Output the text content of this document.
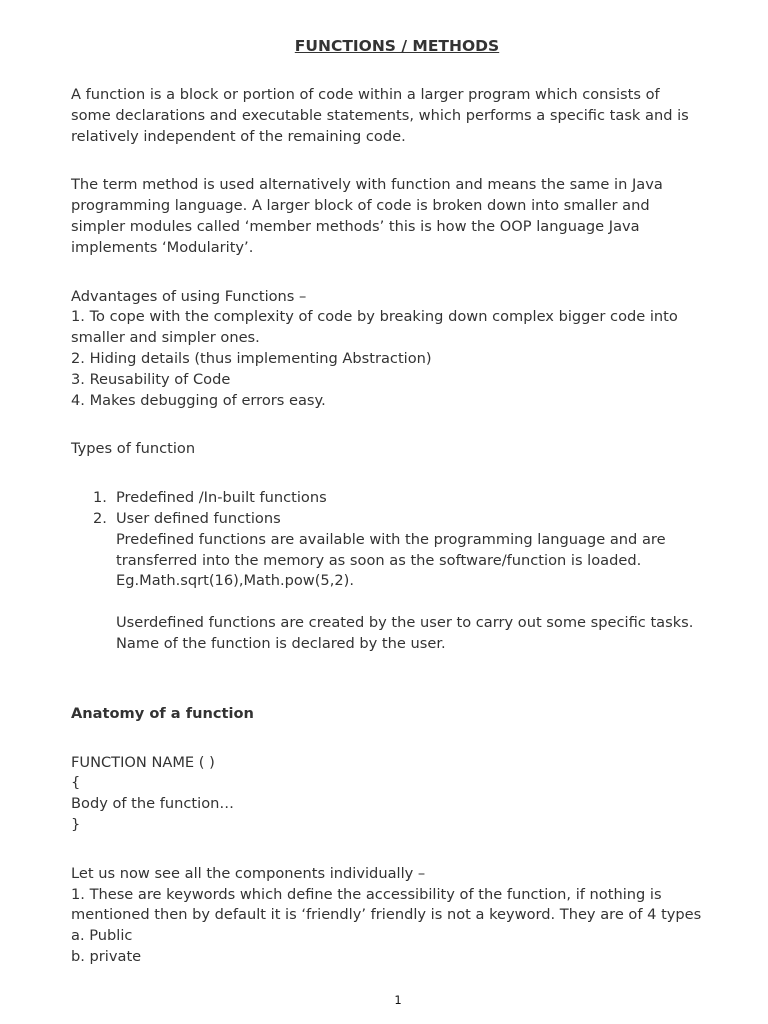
FUNCTIONS / METHODS

A function is a block or portion of code within a larger program which consists of
some declarations and executable statements, which performs a specific task and is
relatively independent of the remaining code.

The term method is used alternatively with function and means the same in Java
programming language. A larger block of code is broken down into smaller and
simpler modules called ‘member methods’ this is how the OOP language Java
implements ‘Modularity’.

Advantages of using Functions –
1. To cope with the complexity of code by breaking down complex bigger code into
smaller and simpler ones.
2. Hiding details (thus implementing Abstraction)
3. Reusability of Code
4. Makes debugging of errors easy.

Types of function

1. Predefined /In-built functions
2. User defined functions
Predefined functions are available with the programming language and are
transferred into the memory as soon as the software/function is loaded.
Eg.Math.sqrt(16),Math.pow(5,2).
Userdefined functions are created by the user to carry out some specific tasks.
Name of the function is declared by the user.

Anatomy of a function

FUNCTION NAME ( )
{
Body of the function…
}

Let us now see all the components individually –
1. These are keywords which define the accessibility of the function, if nothing is
mentioned then by default it is ‘friendly’ friendly is not a keyword. They are of 4 types
a. Public
b. private
1
